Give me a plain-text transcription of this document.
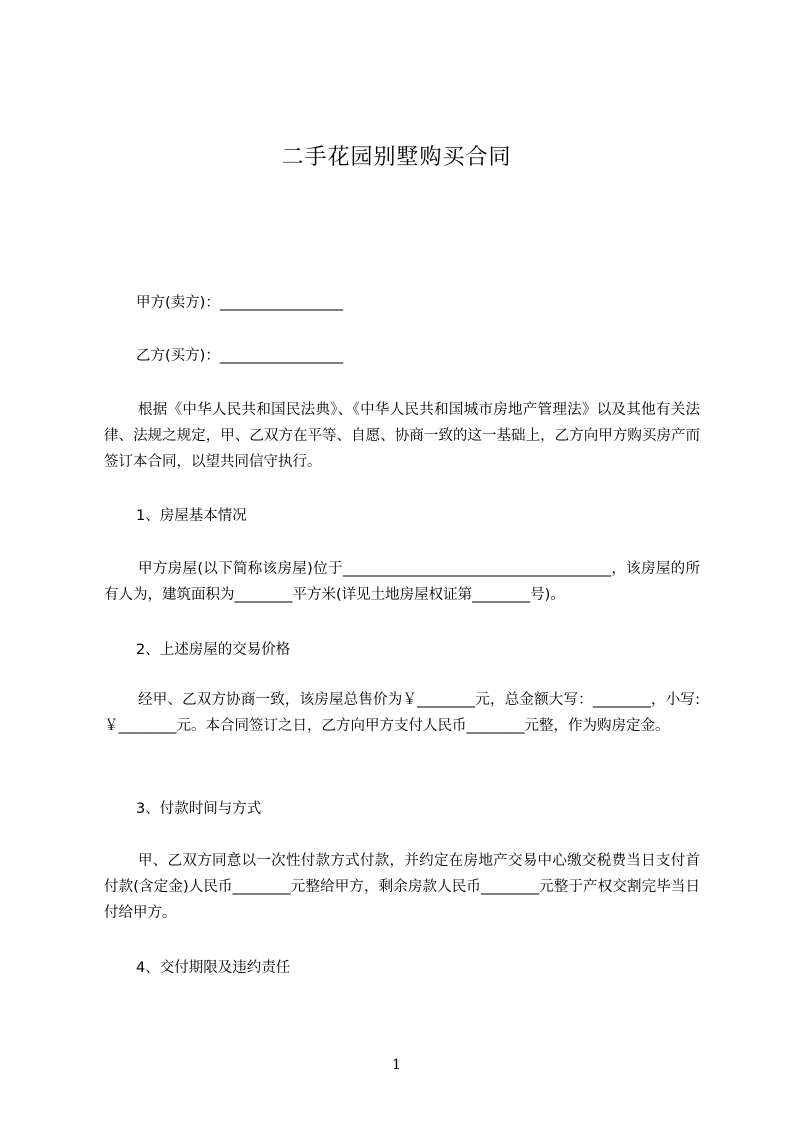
二手花园别墅购买合同
甲方(卖方)：_________________
乙方(买方)：_________________
根据《中华人民共和国民法典》、《中华人民共和国城市房地产管理法》以及其他有关法律、法规之规定，甲、乙双方在平等、自愿、协商一致的这一基础上，乙方向甲方购买房产而签订本合同，以望共同信守执行。
1、房屋基本情况
甲方房屋(以下简称该房屋)位于_____________________________________，该房屋的所有人为，建筑面积为________平方米(详见土地房屋权证第________号)。
2、上述房屋的交易价格
经甲、乙双方协商一致，该房屋总售价为￥________元，总金额大写：________，小写:￥________元。本合同签订之日，乙方向甲方支付人民币________元整，作为购房定金。
3、付款时间与方式
甲、乙双方同意以一次性付款方式付款，并约定在房地产交易中心缴交税费当日支付首付款(含定金)人民币________元整给甲方，剩余房款人民币________元整于产权交割完毕当日付给甲方。
4、交付期限及违约责任
1
